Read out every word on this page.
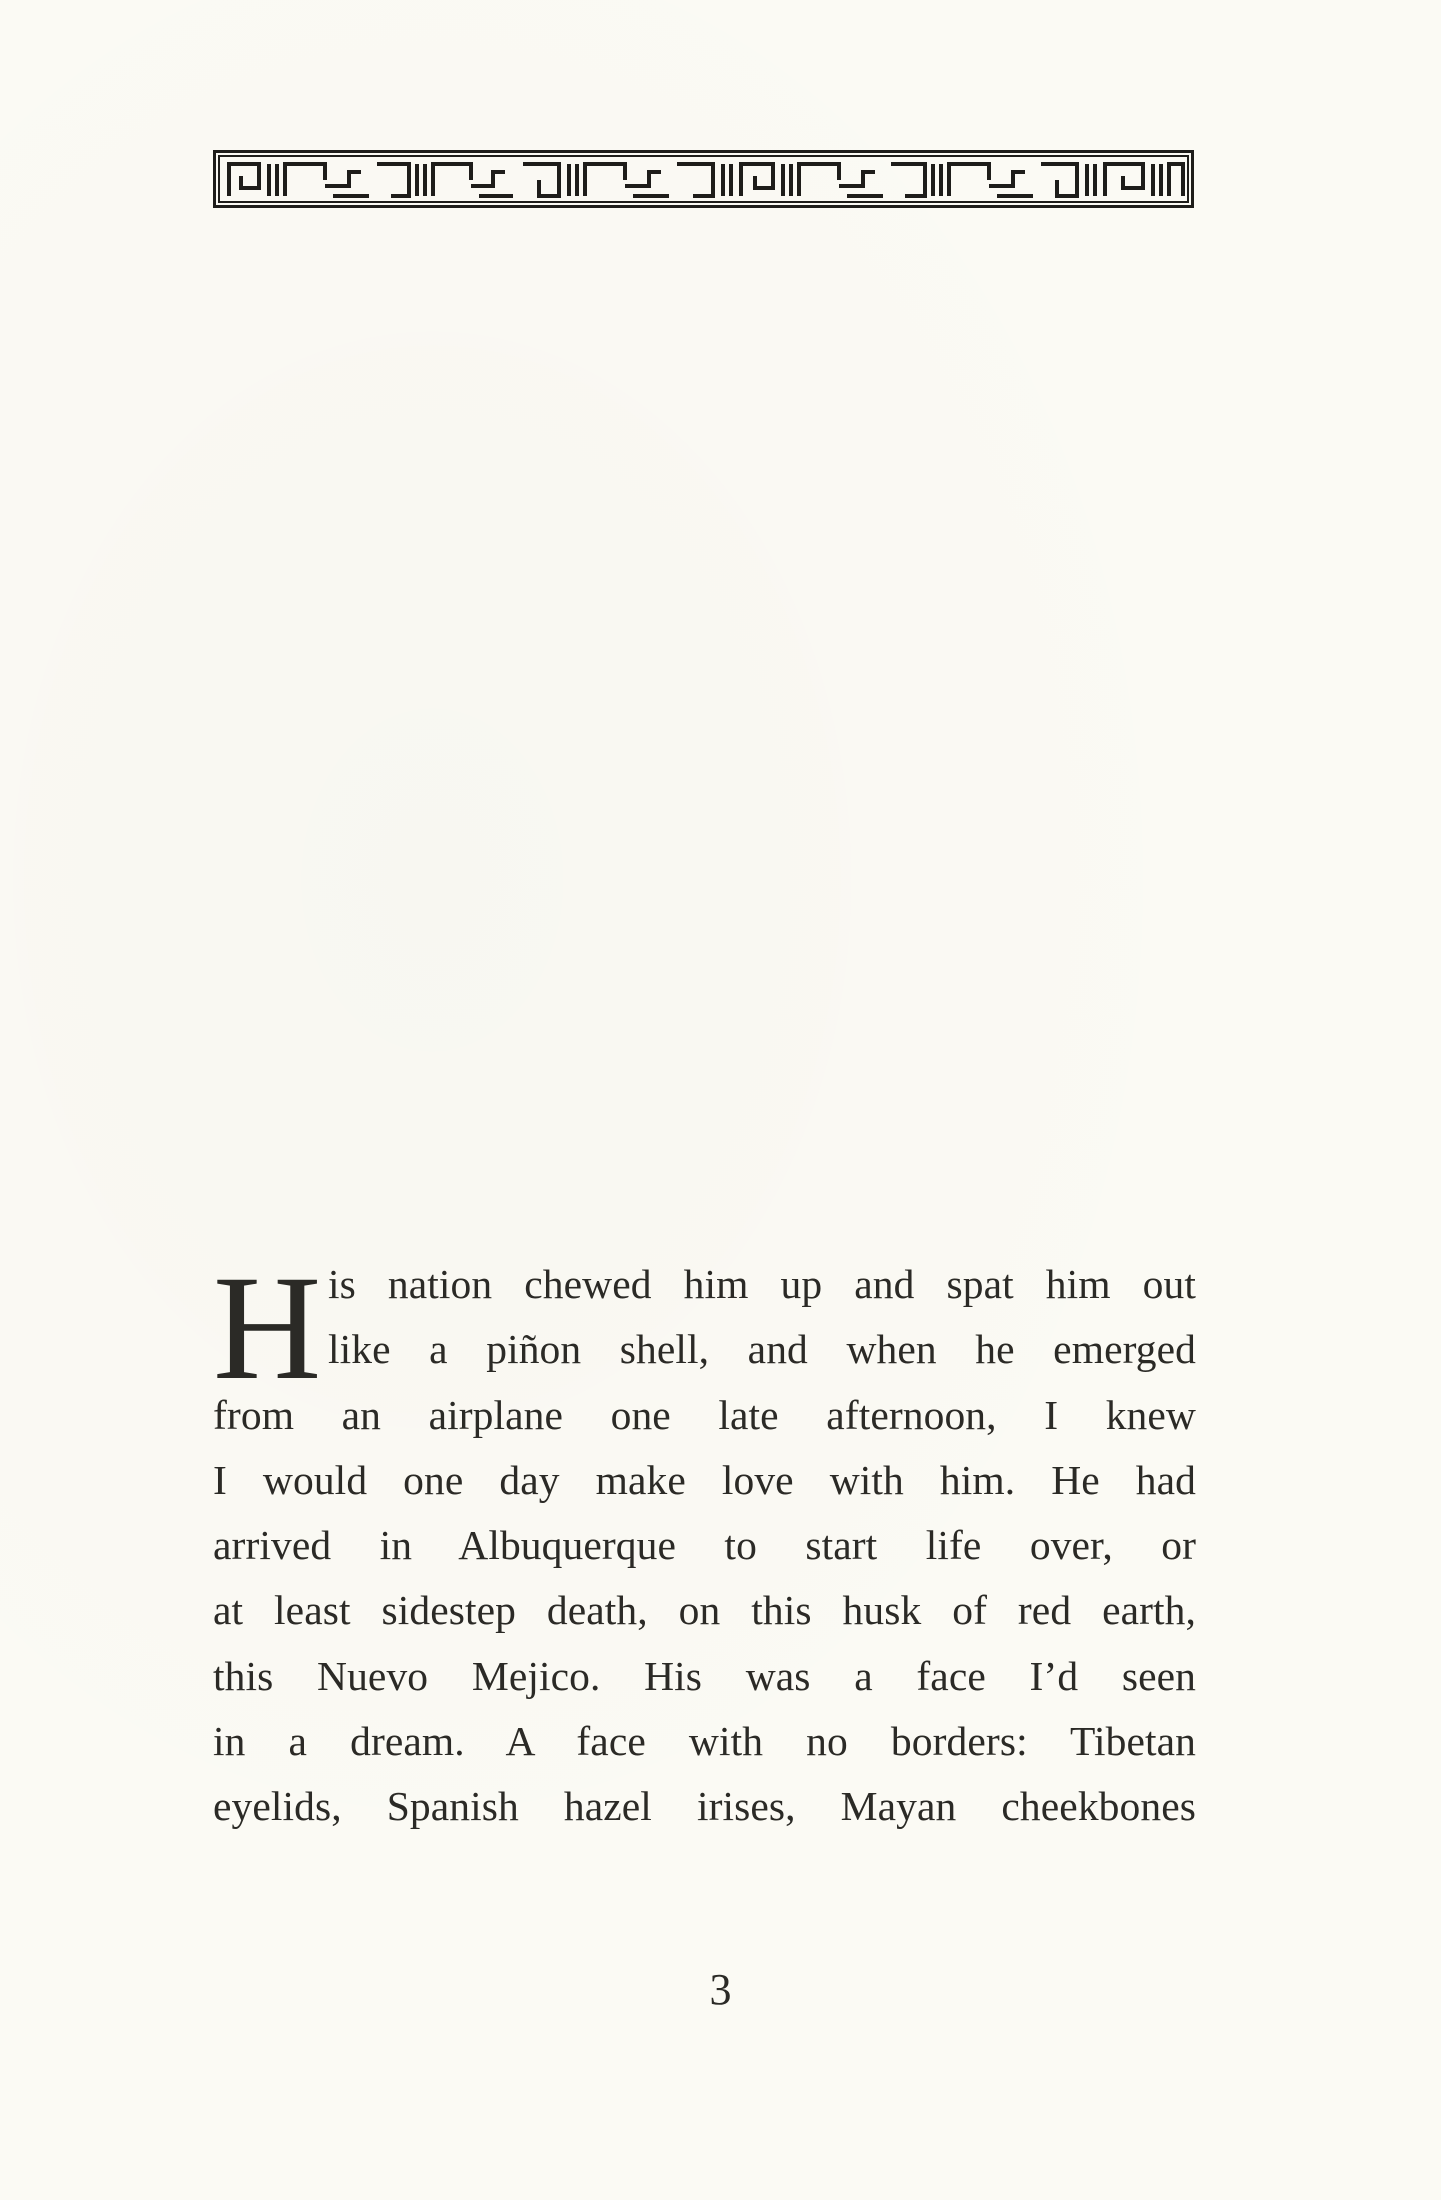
H is nation chewed him up and spat him out
like a piñon shell, and when he emerged
from an airplane one late afternoon, I knew
I would one day make love with him. He had
arrived in Albuquerque to start life over, or
at least sidestep death, on this husk of red earth,
this Nuevo Mejico. His was a face I’d seen
in a dream. A face with no borders: Tibetan
eyelids, Spanish hazel irises, Mayan cheekbones
3
